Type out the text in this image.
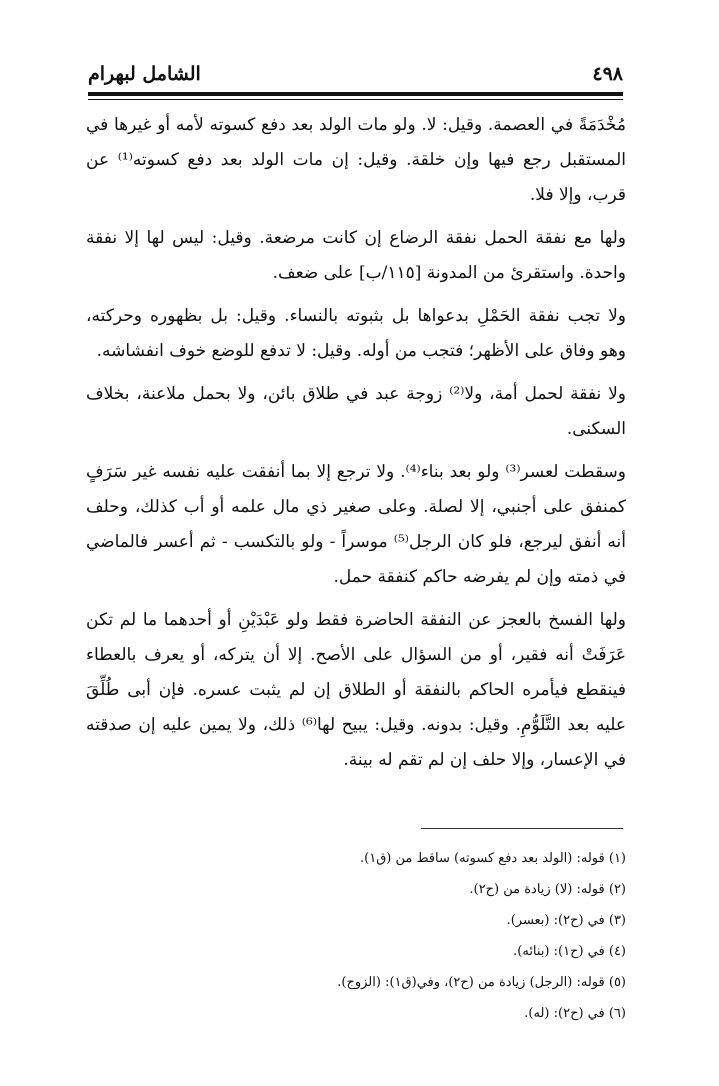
٤٩٨
الشامل لبهرام

مُخْدَمَةً في العصمة. وقيل: لا. ولو مات الولد بعد دفع كسوته لأمه أو غيرها في المستقبل رجع فيها وإن خلقة. وقيل: إن مات الولد بعد دفع كسوته⁽¹⁾ عن قرب، وإلا فلا.

ولها مع نفقة الحمل نفقة الرضاع إن كانت مرضعة. وقيل: ليس لها إلا نفقة واحدة. واستقرئ من المدونة [١١٥/ب] على ضعف.

ولا تجب نفقة الحَمْلِ بدعواها بل بثبوته بالنساء. وقيل: بل بظهوره وحركته، وهو وفاق على الأظهر؛ فتجب من أوله. وقيل: لا تدفع للوضع خوف انفشاشه.

ولا نفقة لحمل أمة، ولا⁽²⁾ زوجة عبد في طلاق بائن، ولا بحمل ملاعنة، بخلاف السكنى.

وسقطت لعسر⁽³⁾ ولو بعد بناء⁽⁴⁾. ولا ترجع إلا بما أنفقت عليه نفسه غير سَرَفٍ كمنفق على أجنبي، إلا لصلة. وعلى صغير ذي مال علمه أو أب كذلك، وحلف أنه أنفق ليرجع، فلو كان الرجل⁽⁵⁾ موسراً - ولو بالتكسب - ثم أعسر فالماضي في ذمته وإن لم يفرضه حاكم كنفقة حمل.

ولها الفسخ بالعجز عن النفقة الحاضرة فقط ولو عَبْدَيْنِ أو أحدهما ما لم تكن عَرَفَتْ أنه فقير، أو من السؤال على الأصح. إلا أن يتركه، أو يعرف بالعطاء فينقطع فيأمره الحاكم بالنفقة أو الطلاق إن لم يثبت عسره. فإن أبى طُلِّقَ عليه بعد التَّلَوُّمِ. وقيل: بدونه. وقيل: يبيح لها⁽⁶⁾ ذلك، ولا يمين عليه إن صدقته في الإعسار، وإلا حلف إن لم تقم له بينة.

(١) قوله: (الولد بعد دفع كسوته) ساقط من (ق١).

(٢) قوله: (لا) زيادة من (ح٢).

(٣) في (ح٢): (بعسر).

(٤) في (ح١): (بنائه).

(٥) قوله: (الرجل) زيادة من (ح٢)، وفي(ق١): (الزوج).

(٦) في (ح٢): (له).
